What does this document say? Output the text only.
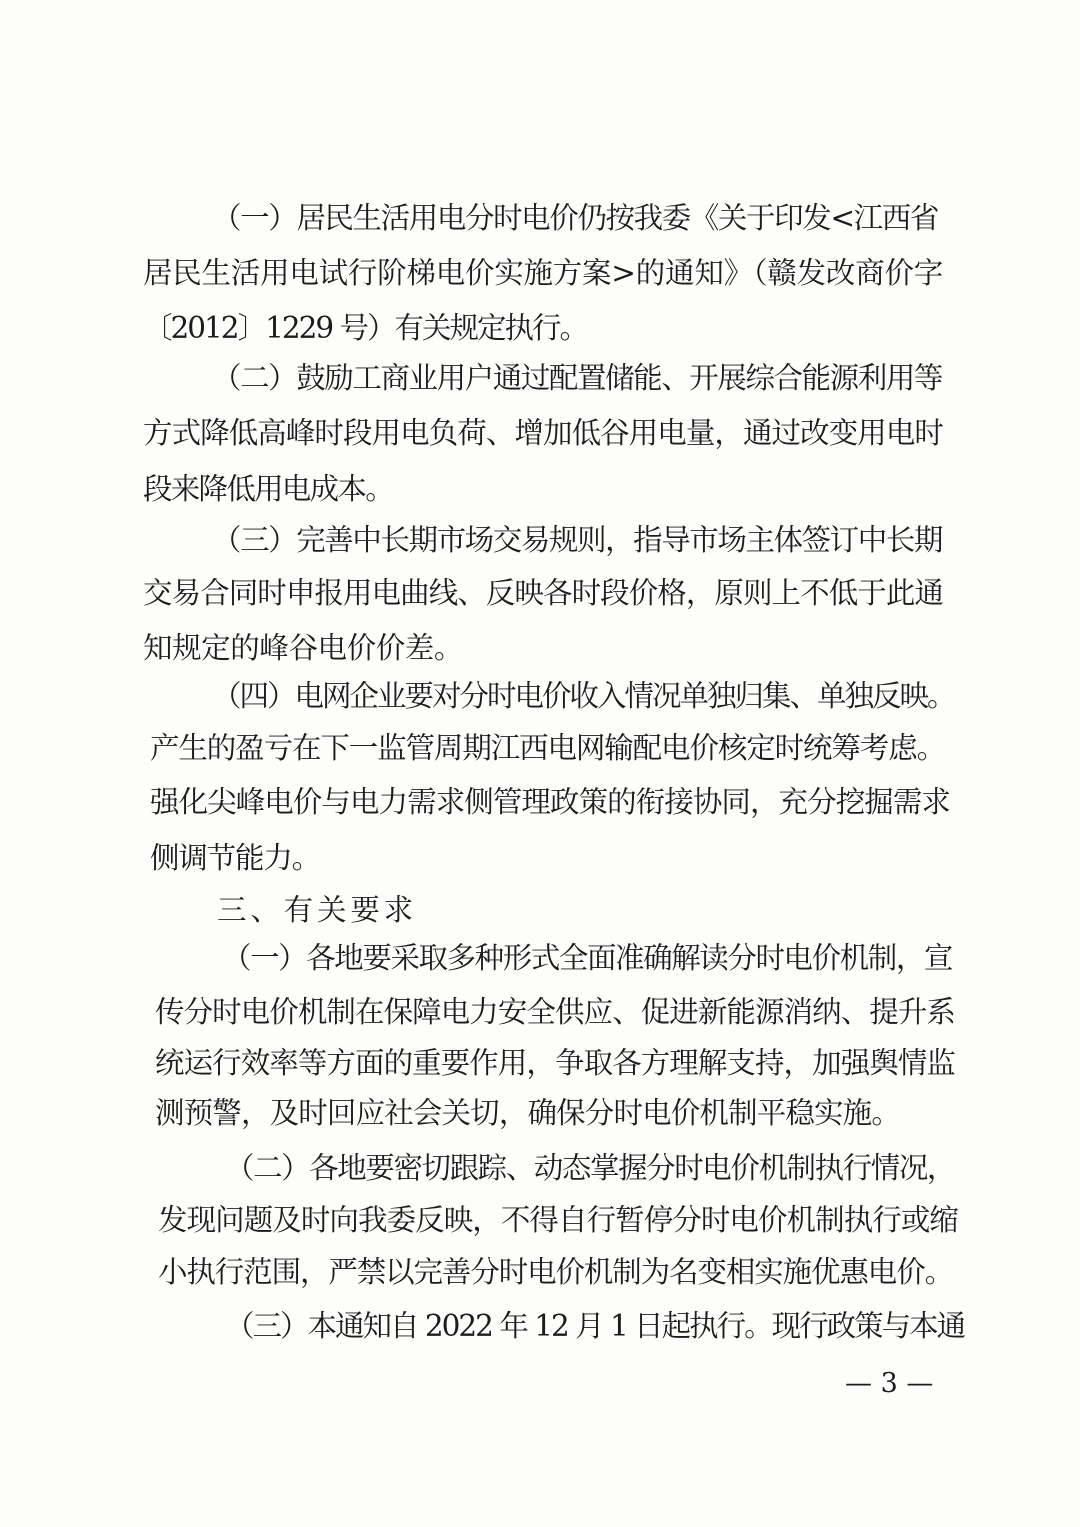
（一）居民生活用电分时电价仍按我委《关于印发<江西省
居民生活用电试行阶梯电价实施方案>的通知》（赣发改商价字
〔2012〕1229 号）有关规定执行。
（二）鼓励工商业用户通过配置储能、开展综合能源利用等
方式降低高峰时段用电负荷、增加低谷用电量，通过改变用电时
段来降低用电成本。
（三）完善中长期市场交易规则，指导市场主体签订中长期
交易合同时申报用电曲线、反映各时段价格，原则上不低于此通
知规定的峰谷电价价差。
（四）电网企业要对分时电价收入情况单独归集、单独反映。
产生的盈亏在下一监管周期江西电网输配电价核定时统筹考虑。
强化尖峰电价与电力需求侧管理政策的衔接协同，充分挖掘需求
侧调节能力。
三、有关要求
（一）各地要采取多种形式全面准确解读分时电价机制，宣
传分时电价机制在保障电力安全供应、促进新能源消纳、提升系
统运行效率等方面的重要作用，争取各方理解支持，加强舆情监
测预警，及时回应社会关切，确保分时电价机制平稳实施。
（二）各地要密切跟踪、动态掌握分时电价机制执行情况，
发现问题及时向我委反映，不得自行暂停分时电价机制执行或缩
小执行范围，严禁以完善分时电价机制为名变相实施优惠电价。
（三）本通知自 2022 年 12 月 1 日起执行。现行政策与本通
— 3 —
